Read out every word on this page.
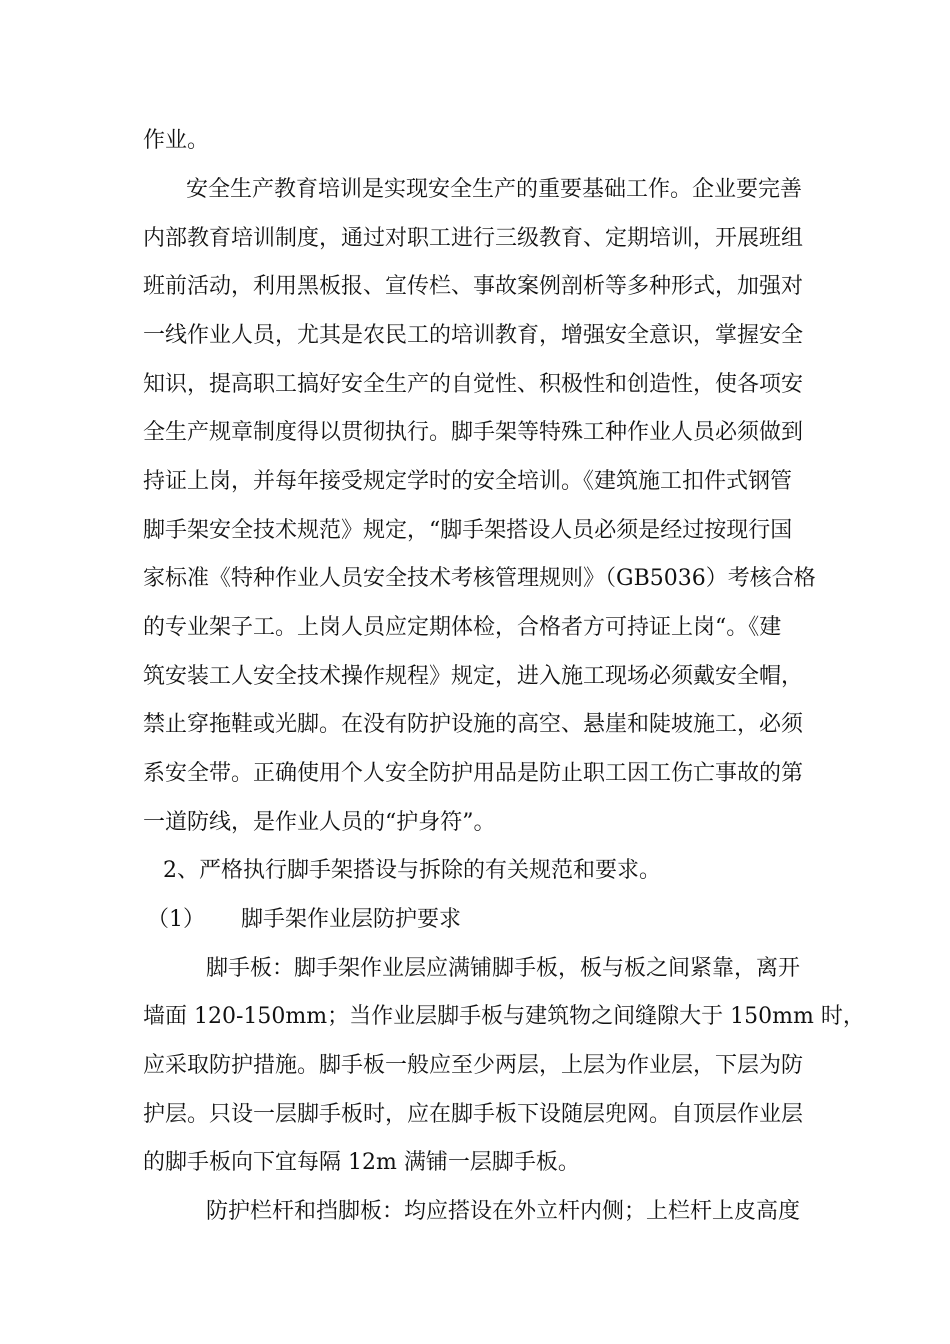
作业。

安全生产教育培训是实现安全生产的重要基础工作。企业要完善

内部教育培训制度，通过对职工进行三级教育、定期培训，开展班组

班前活动，利用黑板报、宣传栏、事故案例剖析等多种形式，加强对

一线作业人员，尤其是农民工的培训教育，增强安全意识，掌握安全

知识，提高职工搞好安全生产的自觉性、积极性和创造性，使各项安

全生产规章制度得以贯彻执行。脚手架等特殊工种作业人员必须做到

持证上岗，并每年接受规定学时的安全培训。《建筑施工扣件式钢管

脚手架安全技术规范》规定，“脚手架搭设人员必须是经过按现行国

家标准《特种作业人员安全技术考核管理规则》（GB5036）考核合格

的专业架子工。上岗人员应定期体检，合格者方可持证上岗“。《建

筑安装工人安全技术操作规程》规定，进入施工现场必须戴安全帽，

禁止穿拖鞋或光脚。在没有防护设施的高空、悬崖和陡坡施工，必须

系安全带。正确使用个人安全防护用品是防止职工因工伤亡事故的第

一道防线，是作业人员的“护身符”。

2、严格执行脚手架搭设与拆除的有关规范和要求。

（1） 脚手架作业层防护要求

脚手板：脚手架作业层应满铺脚手板，板与板之间紧靠，离开

墙面 120-150mm；当作业层脚手板与建筑物之间缝隙大于 150mm 时，

应采取防护措施。脚手板一般应至少两层，上层为作业层，下层为防

护层。只设一层脚手板时，应在脚手板下设随层兜网。自顶层作业层

的脚手板向下宜每隔 12m 满铺一层脚手板。

防护栏杆和挡脚板：均应搭设在外立杆内侧；上栏杆上皮高度
